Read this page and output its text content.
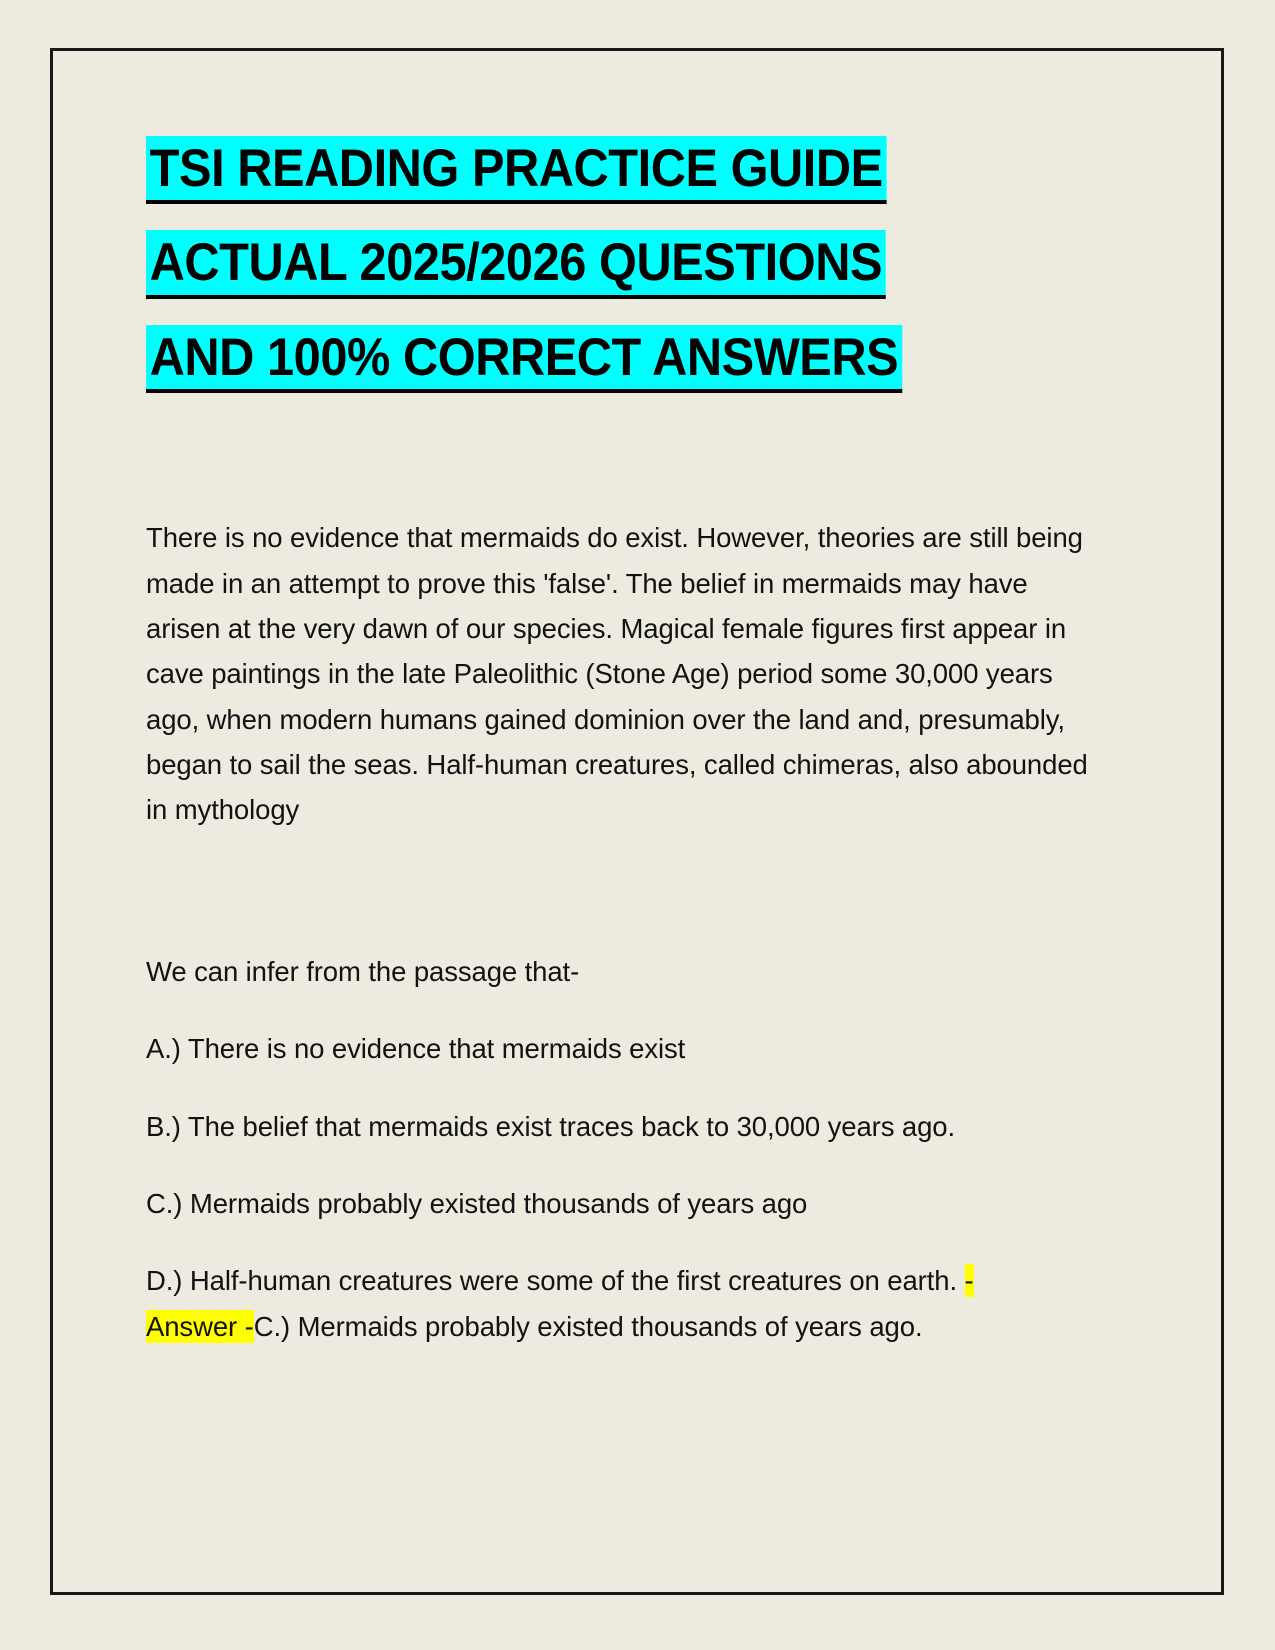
TSI READING PRACTICE GUIDE
ACTUAL 2025/2026 QUESTIONS
AND 100% CORRECT ANSWERS

There is no evidence that mermaids do exist. However, theories are still being made in an attempt to prove this 'false'. The belief in mermaids may have arisen at the very dawn of our species. Magical female figures first appear in cave paintings in the late Paleolithic (Stone Age) period some 30,000 years ago, when modern humans gained dominion over the land and, presumably, began to sail the seas. Half-human creatures, called chimeras, also abounded in mythology

We can infer from the passage that-

A.) There is no evidence that mermaids exist

B.) The belief that mermaids exist traces back to 30,000 years ago.

C.) Mermaids probably existed thousands of years ago

D.) Half-human creatures were some of the first creatures on earth. - Answer -C.) Mermaids probably existed thousands of years ago.
